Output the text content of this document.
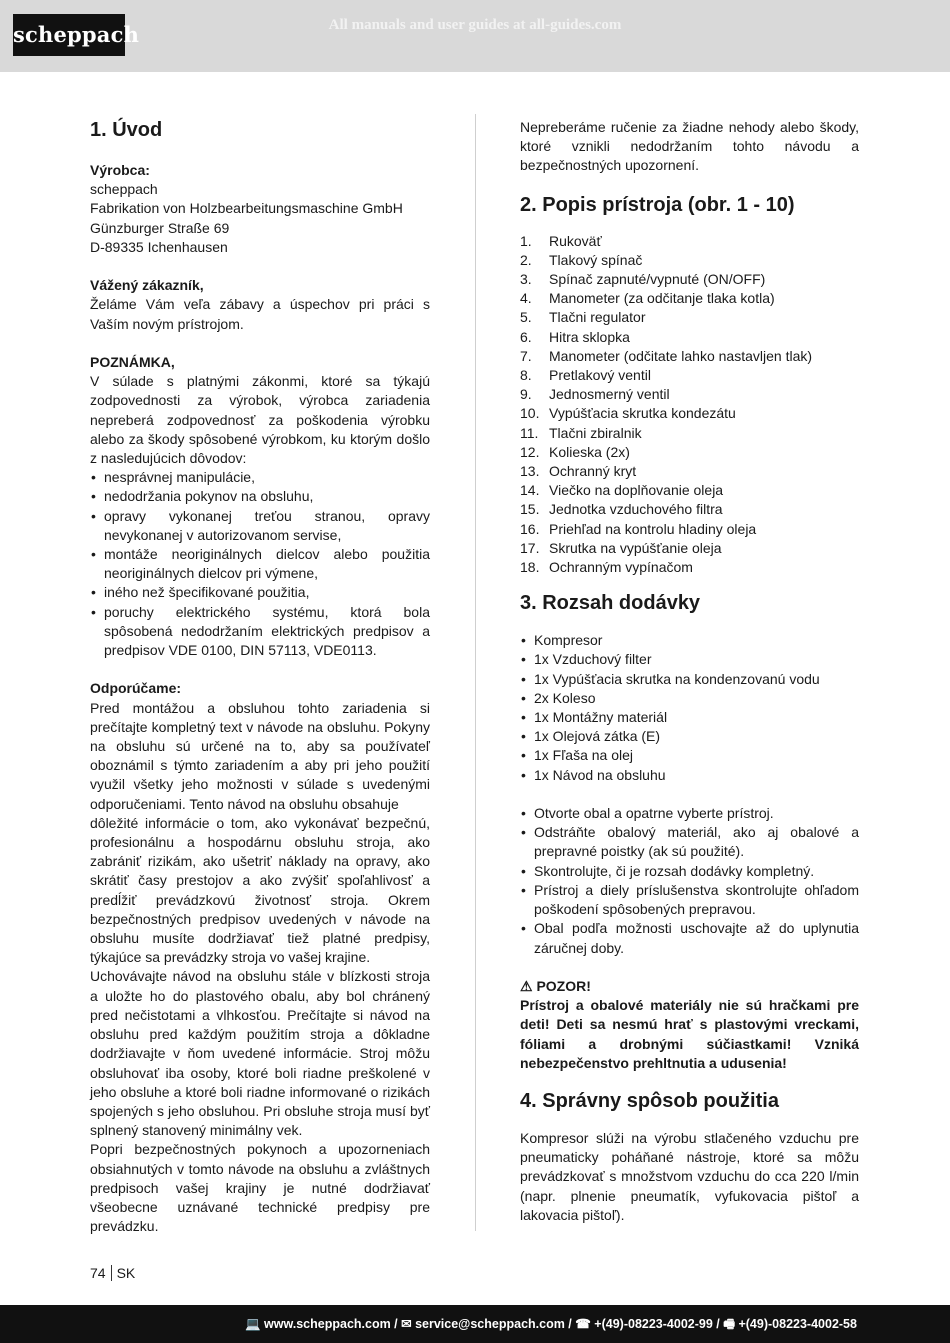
scheppach	All manuals and user guides at all-guides.com
1. Úvod

Výrobca:

scheppach

Fabrikation von Holzbearbeitungsmaschine GmbH

Günzburger Straße 69

D-89335 Ichenhausen

Vážený zákazník,

Želáme Vám veľa zábavy a úspechov pri práci s Vaším novým prístrojom.

POZNÁMKA,

V súlade s platnými zákonmi, ktoré sa týkajú zodpovednosti za výrobok, výrobca zariadenia nepreberá zodpovednosť za poškodenia výrobku alebo za škody spôsobené výrobkom, ku ktorým došlo z nasledujúcich dôvodov:

• nesprávnej manipulácie,
• nedodržania pokynov na obsluhu,
• opravy vykonanej treťou stranou, opravy nevykonanej v autorizovanom servise,
• montáže neoriginálnych dielcov alebo použitia neoriginálnych dielcov pri výmene,
• iného než špecifikované použitia,
• poruchy elektrického systému, ktorá bola spôsobená nedodržaním elektrických predpisov a predpisov VDE 0100, DIN 57113, VDE0113.

Odporúčame:

Pred montážou a obsluhou tohto zariadenia si prečítajte kompletný text v návode na obsluhu. Pokyny na obsluhu sú určené na to, aby sa používateľ oboznámil s týmto zariadením a aby pri jeho použití využil všetky jeho možnosti v súlade s uvedenými odporučeniami. Tento návod na obsluhu obsahuje

dôležité informácie o tom, ako vykonávať bezpečnú, profesionálnu a hospodárnu obsluhu stroja, ako zabrániť rizikám, ako ušetriť náklady na opravy, ako skrátiť časy prestojov a ako zvýšiť spoľahlivosť a predĺžiť prevádzkovú životnosť stroja. Okrem bezpečnostných predpisov uvedených v návode na obsluhu musíte dodržiavať tiež platné predpisy, týkajúce sa prevádzky stroja vo vašej krajine.

Uchovávajte návod na obsluhu stále v blízkosti stroja a uložte ho do plastového obalu, aby bol chránený pred nečistotami a vlhkosťou. Prečítajte si návod na obsluhu pred každým použitím stroja a dôkladne dodržiavajte v ňom uvedené informácie. Stroj môžu obsluhovať iba osoby, ktoré boli riadne preškolené v jeho obsluhe a ktoré boli riadne informované o rizikách spojených s jeho obsluhou. Pri obsluhe stroja musí byť splnený stanovený minimálny vek.

Popri bezpečnostných pokynoch a upozorneniach obsiahnutých v tomto návode na obsluhu a zvláštnych predpisoch vašej krajiny je nutné dodržiavať všeobecne uznávané technické predpisy pre prevádzku.

Nepreberáme ručenie za žiadne nehody alebo škody, ktoré vznikli nedodržaním tohto návodu a bezpečnostných upozornení.

2. Popis prístroja (obr. 1 - 10)
1. Rukoväť
2. Tlakový spínač
3. Spínač zapnuté/vypnuté (ON/OFF)
4. Manometer (za odčitanje tlaka kotla)
5. Tlačni regulator
6. Hitra sklopka
7. Manometer (odčitate lahko nastavljen tlak)
8. Pretlakový ventil
9. Jednosmerný ventil
10. Vypúšťacia skrutka kondezátu
11. Tlačni zbiralnik
12. Kolieska (2x)
13. Ochranný kryt
14. Viečko na doplňovanie oleja
15. Jednotka vzduchového filtra
16. Priehľad na kontrolu hladiny oleja
17. Skrutka na vypúšťanie oleja
18. Ochranným vypínačom
3. Rozsah dodávky
• Kompresor
• 1x Vzduchový filter
• 1x Vypúšťacia skrutka na kondenzovanú vodu
• 2x Koleso
• 1x Montážny materiál
• 1x Olejová zátka (E)
• 1x Fľaša na olej
• 1x Návod na obsluhu
• Otvorte obal a opatrne vyberte prístroj.
• Odstráňte obalový materiál, ako aj obalové a prepravné poistky (ak sú použité).
• Skontrolujte, či je rozsah dodávky kompletný.
• Prístroj a diely príslušenstva skontrolujte ohľadom poškodení spôsobených prepravou.
• Obal podľa možnosti uschovajte až do uplynutia záručnej doby.

⚠ POZOR!

Prístroj a obalové materiály nie sú hračkami pre deti! Deti sa nesmú hrať s plastovými vreckami, fóliami a drobnými súčiastkami! Vzniká nebezpečenstvo prehltnutia a udusenia!

4. Správny spôsob použitia

Kompresor slúži na výrobu stlačeného vzduchu pre pneumaticky poháňané nástroje, ktoré sa môžu prevádzkovať s množstvom vzduchu do cca 220 l/min (napr. plnenie pneumatík, vyfukovacia pištoľ a lakovacia pištoľ).

74 SK
💻 www.scheppach.com / ✉ service@scheppach.com / ☎ +(49)-08223-4002-99 / 🖷 +(49)-08223-4002-58
